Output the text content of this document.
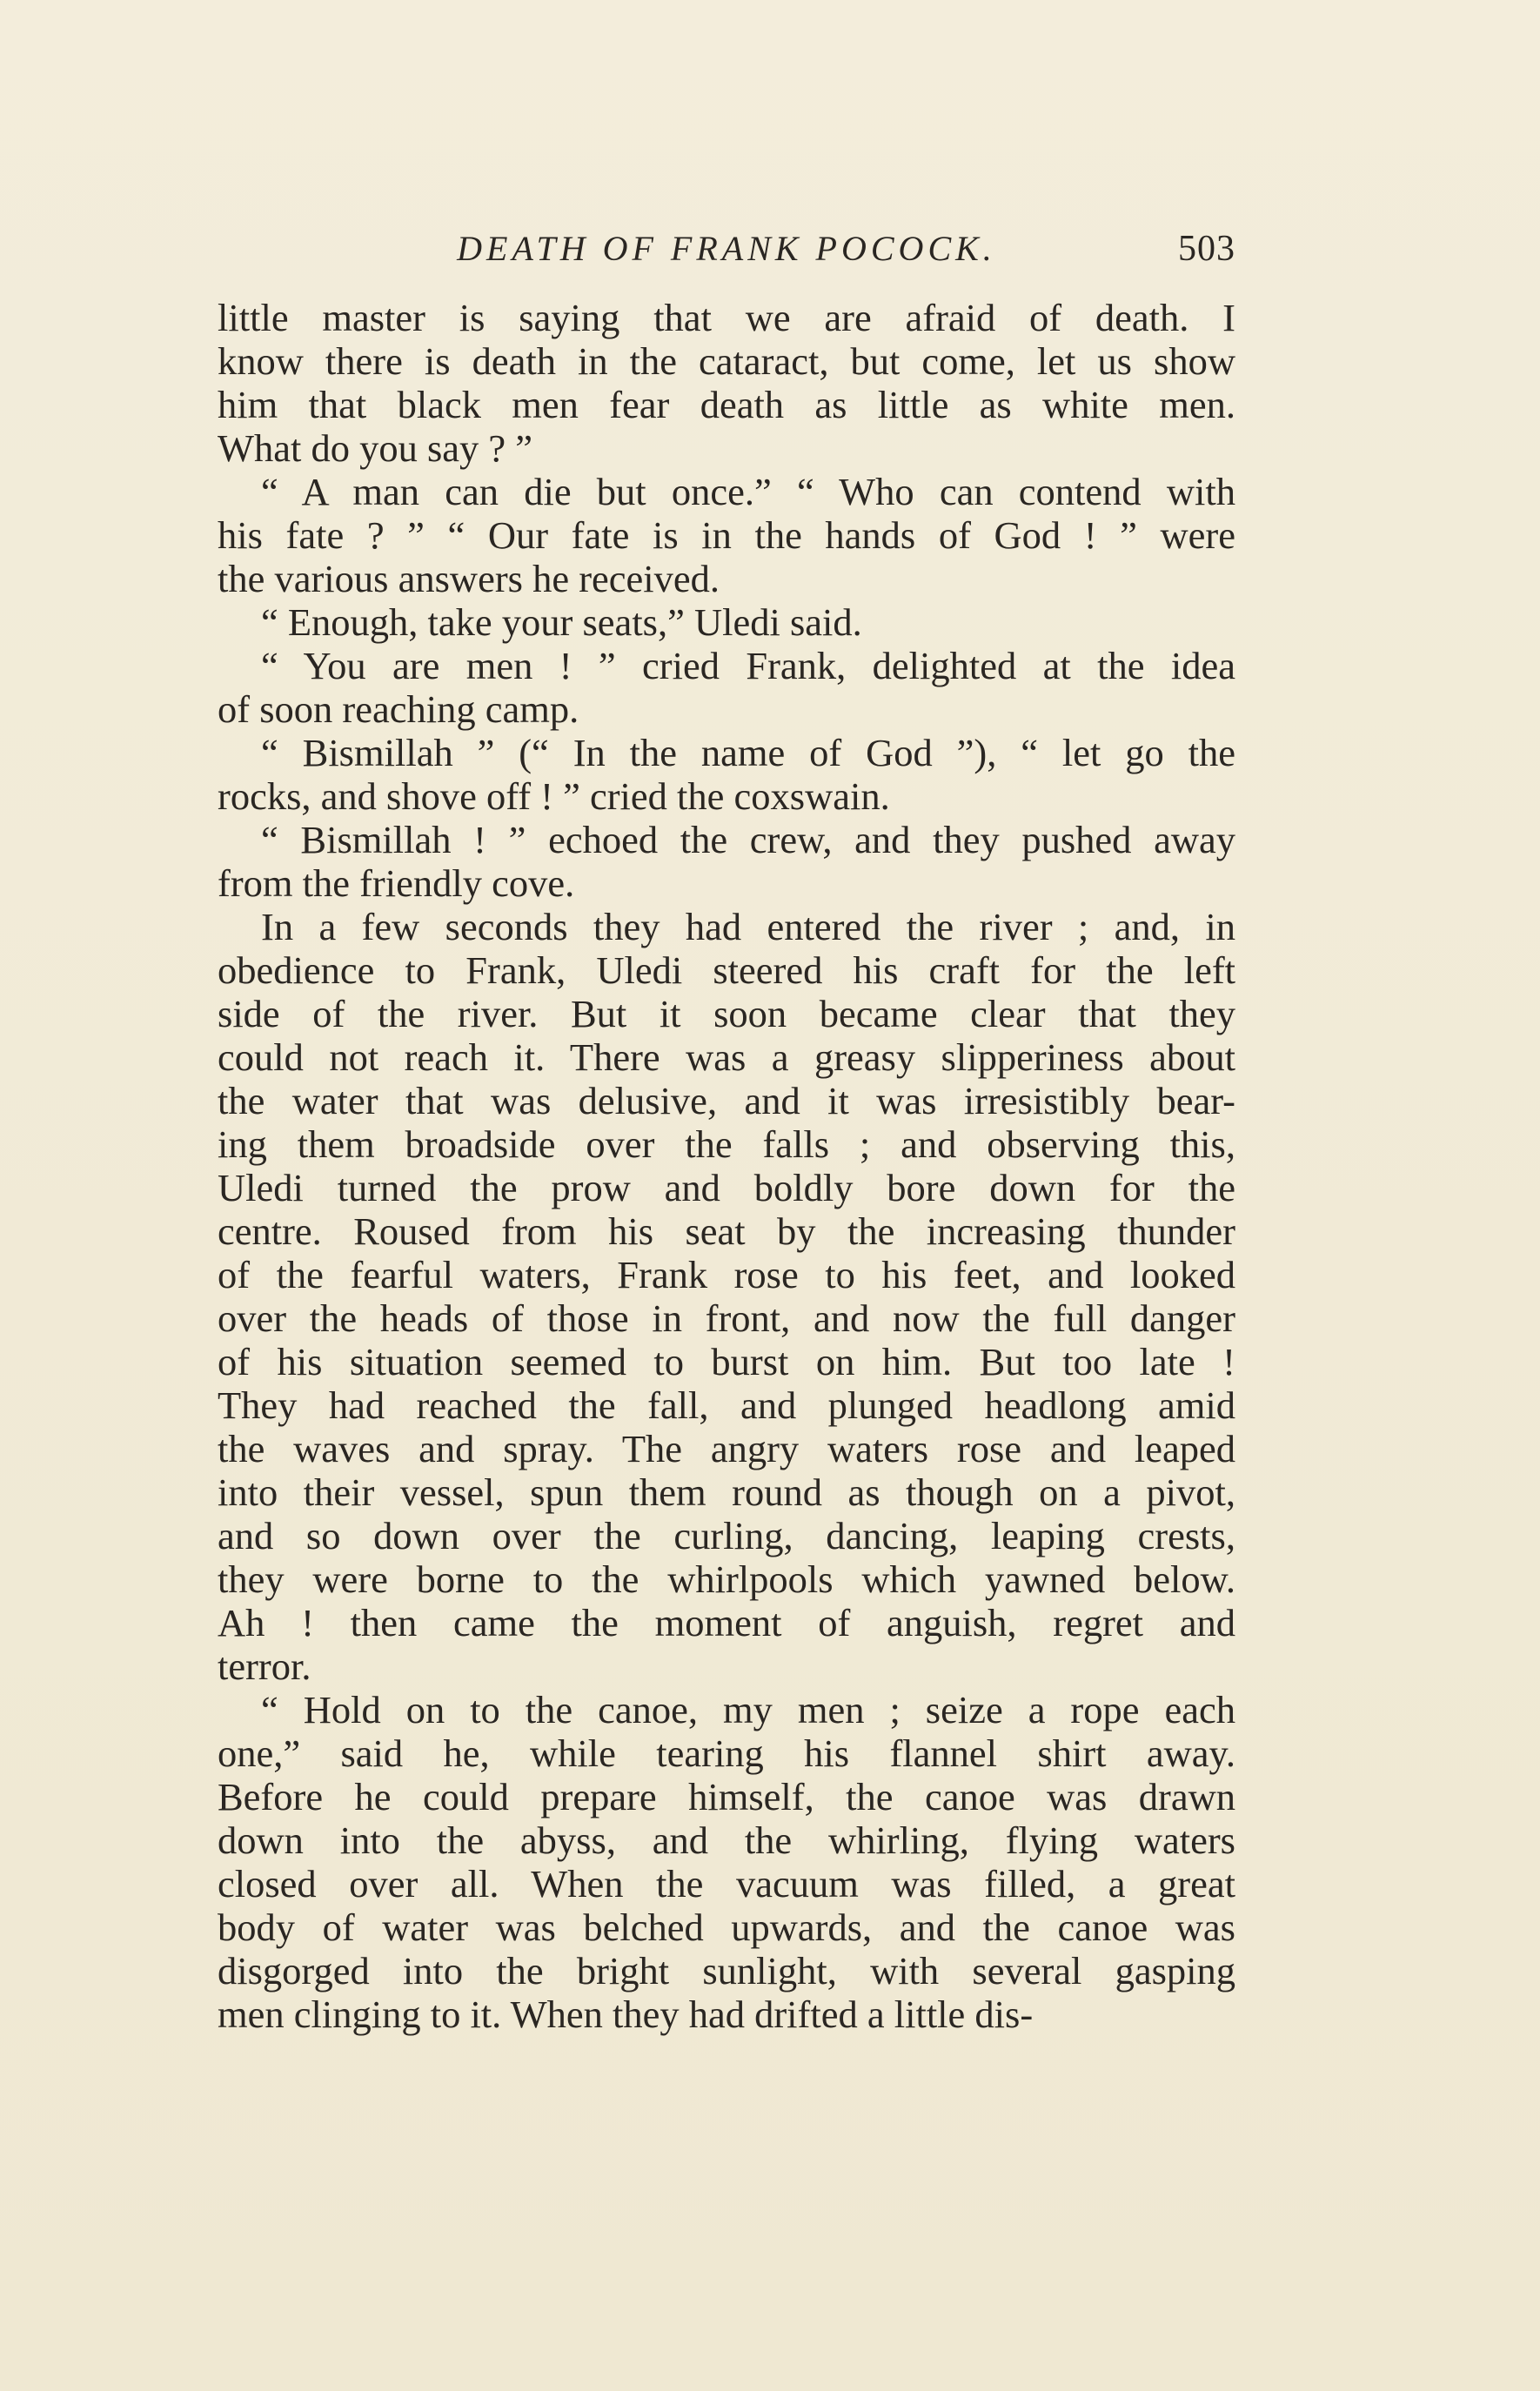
DEATH OF FRANK POCOCK.	503
little master is saying that we are afraid of death. I
know there is death in the cataract, but come, let us show
him that black men fear death as little as white men.
What do you say ? ”
“ A man can die but once.” “ Who can contend with
his fate ? ” “ Our fate is in the hands of God ! ” were
the various answers he received.
“ Enough, take your seats,” Uledi said.
“ You are men ! ” cried Frank, delighted at the idea
of soon reaching camp.
“ Bismillah ” (“ In the name of God ”), “ let go the
rocks, and shove off ! ” cried the coxswain.
“ Bismillah ! ” echoed the crew, and they pushed away
from the friendly cove.
In a few seconds they had entered the river ; and, in
obedience to Frank, Uledi steered his craft for the left
side of the river. But it soon became clear that they
could not reach it. There was a greasy slipperiness about
the water that was delusive, and it was irresistibly bear-
ing them broadside over the falls ; and observing this,
Uledi turned the prow and boldly bore down for the
centre. Roused from his seat by the increasing thunder
of the fearful waters, Frank rose to his feet, and looked
over the heads of those in front, and now the full danger
of his situation seemed to burst on him. But too late !
They had reached the fall, and plunged headlong amid
the waves and spray. The angry waters rose and leaped
into their vessel, spun them round as though on a pivot,
and so down over the curling, dancing, leaping crests,
they were borne to the whirlpools which yawned below.
Ah ! then came the moment of anguish, regret and
terror.
“ Hold on to the canoe, my men ; seize a rope each
one,” said he, while tearing his flannel shirt away.
Before he could prepare himself, the canoe was drawn
down into the abyss, and the whirling, flying waters
closed over all. When the vacuum was filled, a great
body of water was belched upwards, and the canoe was
disgorged into the bright sunlight, with several gasping
men clinging to it. When they had drifted a little dis-
